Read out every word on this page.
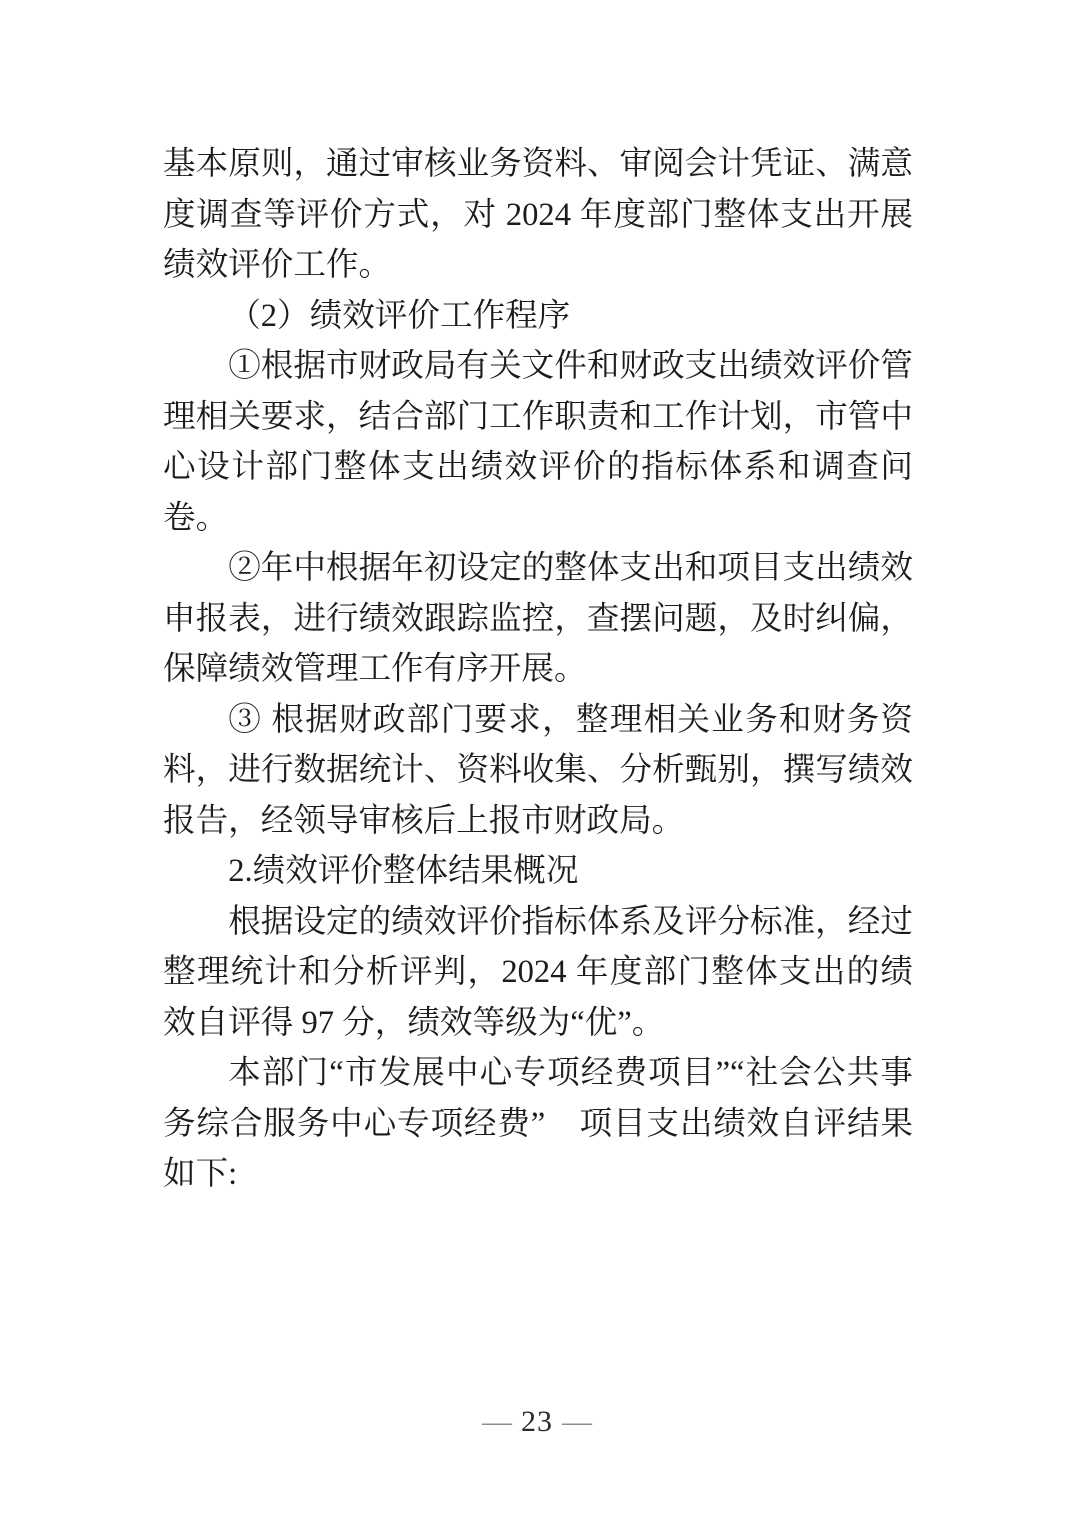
基本原则，通过审核业务资料、审阅会计凭证、满意度调查等评价方式，对 2024 年度部门整体支出开展绩效评价工作。

（2）绩效评价工作程序

①根据市财政局有关文件和财政支出绩效评价管理相关要求，结合部门工作职责和工作计划，市管中心设计部门整体支出绩效评价的指标体系和调查问卷。

②年中根据年初设定的整体支出和项目支出绩效申报表，进行绩效跟踪监控，查摆问题，及时纠偏，保障绩效管理工作有序开展。

③ 根据财政部门要求，整理相关业务和财务资料，进行数据统计、资料收集、分析甄别，撰写绩效报告，经领导审核后上报市财政局。

2.绩效评价整体结果概况

根据设定的绩效评价指标体系及评分标准，经过整理统计和分析评判，2024 年度部门整体支出的绩效自评得 97 分，绩效等级为“优”。

本部门“市发展中心专项经费项目”“社会公共事务综合服务中心专项经费”　项目支出绩效自评结果如下:

— 23 —
